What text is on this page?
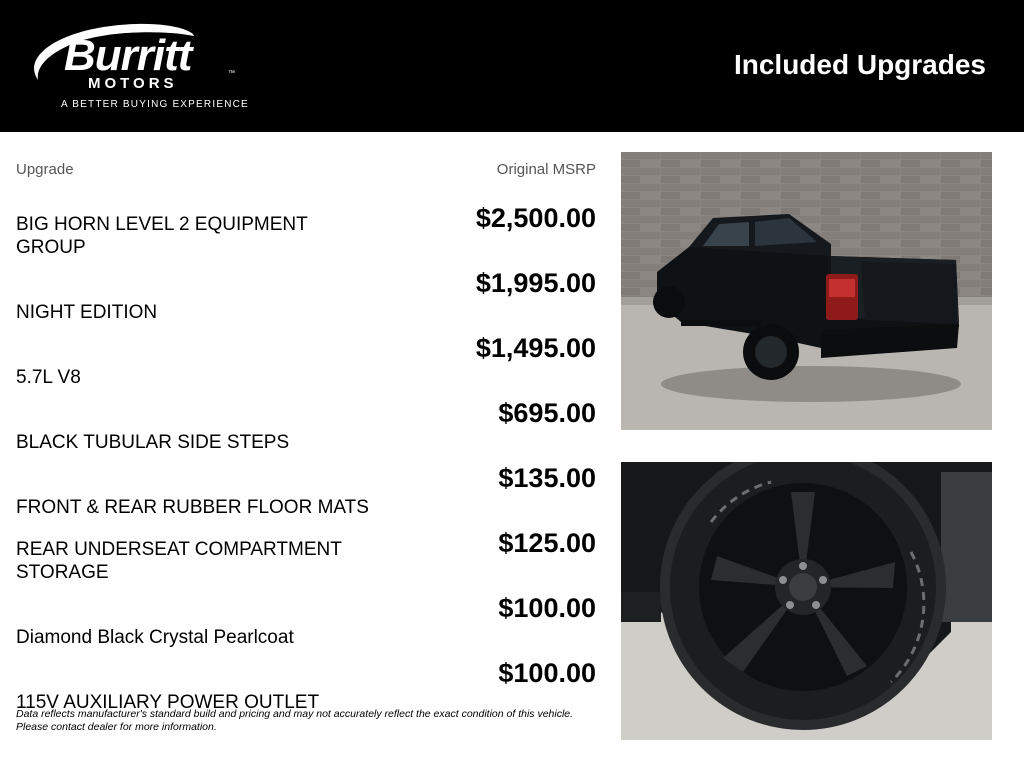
Burritt	™
MOTORS
A BETTER BUYING EXPERIENCE
Included Upgrades
Upgrade	Original MSRP
BIG HORN LEVEL 2 EQUIPMENT GROUP
$2,500.00
NIGHT EDITION
$1,995.00
5.7L V8
$1,495.00
BLACK TUBULAR SIDE STEPS
$695.00
FRONT & REAR RUBBER FLOOR MATS
$135.00
REAR UNDERSEAT COMPARTMENT STORAGE
$125.00
Diamond Black Crystal Pearlcoat
$100.00
115V AUXILIARY POWER OUTLET
$100.00
Data reflects manufacturer's standard build and pricing and may not accurately reflect the exact condition of this vehicle. Please contact dealer for more information.
